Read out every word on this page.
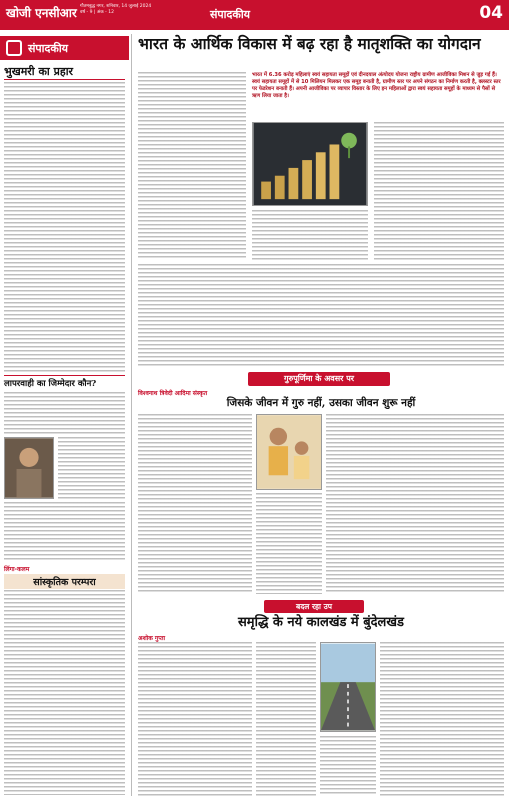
खोजी एनसीआर गौतमबुद्ध नगर, शनिवार, 14 जुलाई 2024
वर्ष - 9 | अंक - 12	संपादकीय	04
संपादकीय
भुखमरी का प्रहार
लापरवाही का जिम्मेदार कौन?
लिंगा-कलम
सांस्कृतिक परम्परा
भारत के आर्थिक विकास में बढ़ रहा है मातृशक्ति का योगदान
भारत में 6.36 करोड़ महिलाएं स्वयं सहायता समूहों एवं दीनदयाल अंत्योदय योजना राष्ट्रीय ग्रामीण आजीविका मिशन से जुड़ गई हैं। स्वयं सहायता समूहों में से 10 मिलियन मिलकर एक समूह बनाती है, ग्रामीण स्तर पर अपने संगठन का निर्माण करती है, क्लस्टर स्तर पर फेडरेशन बनाती हैं। अपनी आजीविका पर व्यापार विस्तार के लिए इन महिलाओं द्वारा स्वयं सहायता समूहों के माध्यम से पैसों से ऋण लिया जाता है।
गुरुपूर्णिमा के अवसर पर
विश्वनाथ त्रिवेदी आदिमा संस्कृत
जिसके जीवन में गुरु नहीं, उसका जीवन शुरू नहीं
बदल रहा उप
समृद्धि के नये कालखंड में बुंदेलखंड
अशोक गुप्ता
